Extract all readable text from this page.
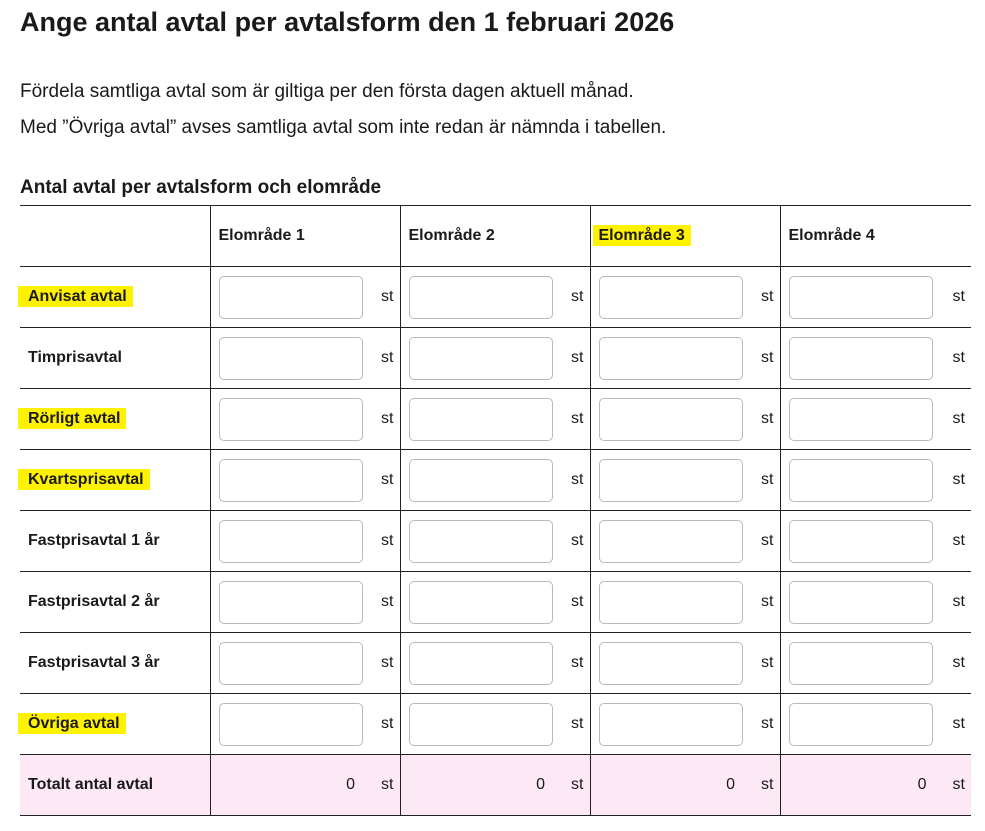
Ange antal avtal per avtalsform den 1 februari 2026

Fördela samtliga avtal som är giltiga per den första dagen aktuell månad.

Med ”Övriga avtal” avses samtliga avtal som inte redan är nämnda i tabellen.

Antal avtal per avtalsform och elområde
	Elområde 1	Elområde 2	Elområde 3	Elområde 4
Anvisat avtal	st	st	st	st

Timprisavtal	st	st	st	st

Rörligt avtal	st	st	st	st

Kvartsprisavtal	st	st	st	st

Fastprisavtal 1 år	st	st	st	st

Fastprisavtal 2 år	st	st	st	st

Fastprisavtal 3 år	st	st	st	st

Övriga avtal	st	st	st	st

Totalt antal avtal	0 st	0 st	0 st	0 st
